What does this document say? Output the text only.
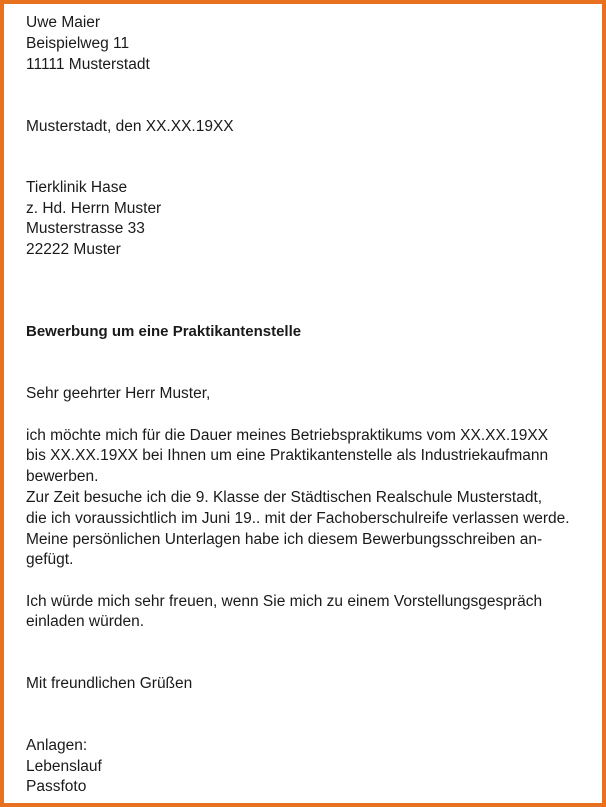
Uwe Maier

Beispielweg 11

11111 Musterstadt

Musterstadt, den XX.XX.19XX

Tierklinik Hase

z. Hd. Herrn Muster

Musterstrasse 33

22222 Muster

Bewerbung um eine Praktikantenstelle

Sehr geehrter Herr Muster,

ich möchte mich für die Dauer meines Betriebspraktikums vom XX.XX.19XX

bis XX.XX.19XX bei Ihnen um eine Praktikantenstelle als Industriekaufmann

bewerben.

Zur Zeit besuche ich die 9. Klasse der Städtischen Realschule Musterstadt,

die ich voraussichtlich im Juni 19.. mit der Fachoberschulreife verlassen werde.

Meine persönlichen Unterlagen habe ich diesem Bewerbungsschreiben an-

gefügt.

Ich würde mich sehr freuen, wenn Sie mich zu einem Vorstellungsgespräch

einladen würden.

Mit freundlichen Grüßen

Anlagen:

Lebenslauf

Passfoto
